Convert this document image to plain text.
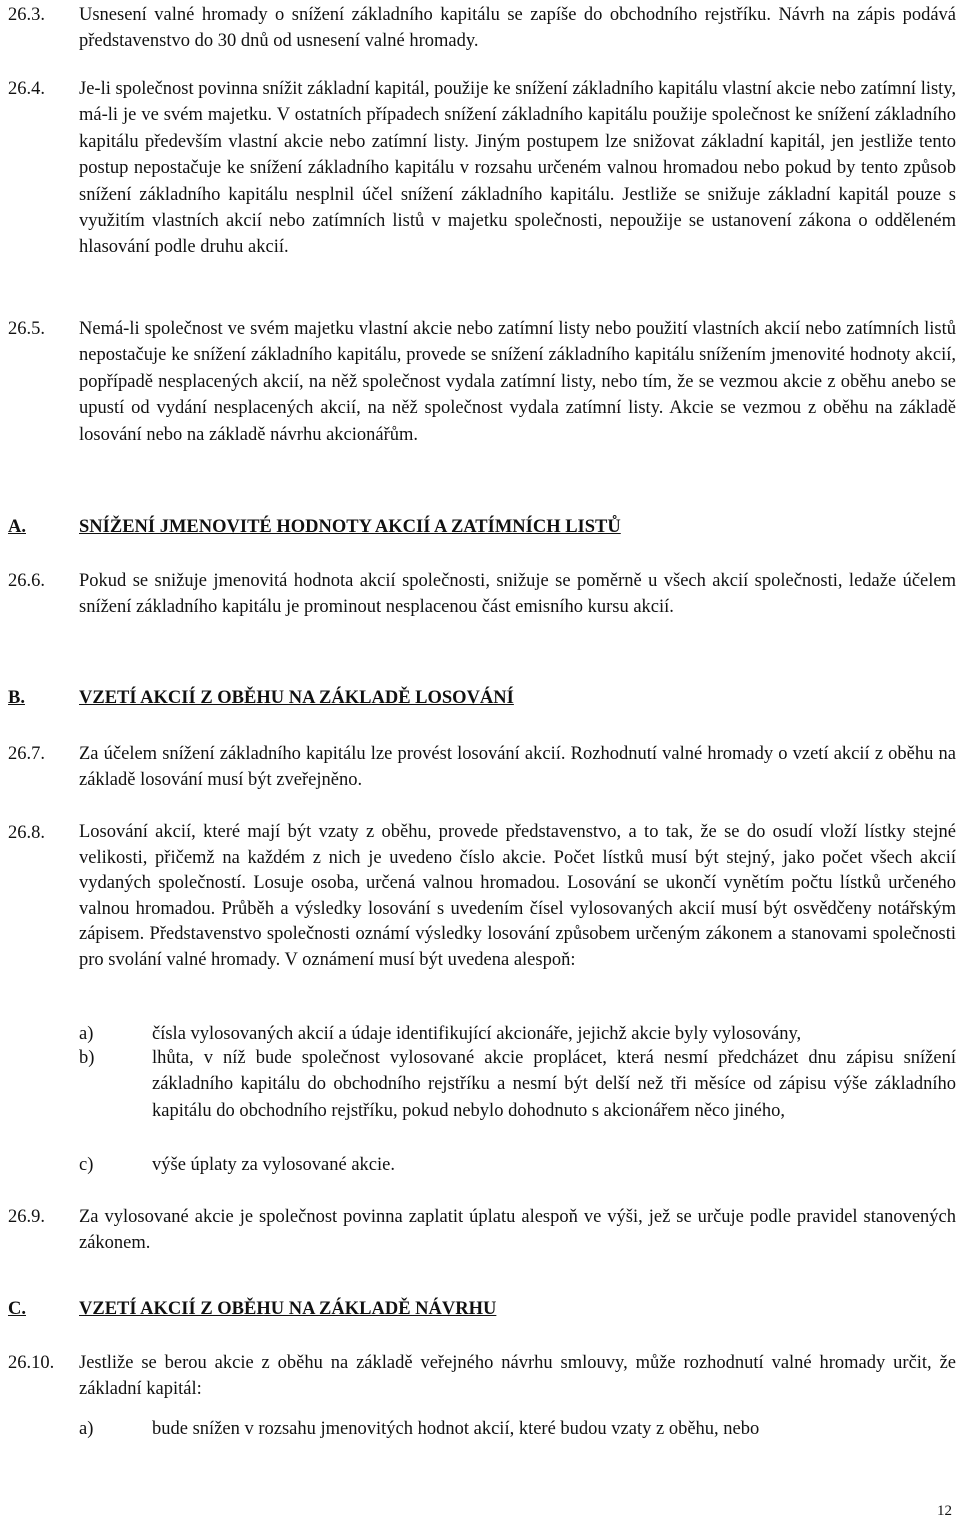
26.3. Usnesení valné hromady o snížení základního kapitálu se zapíše do obchodního rejstříku. Návrh na zápis podává představenstvo do 30 dnů od usnesení valné hromady.
26.4. Je-li společnost povinna snížit základní kapitál, použije ke snížení základního kapitálu vlastní akcie nebo zatímní listy, má-li je ve svém majetku. V ostatních případech snížení základního kapitálu použije společnost ke snížení základního kapitálu především vlastní akcie nebo zatímní listy. Jiným postupem lze snižovat základní kapitál, jen jestliže tento postup nepostačuje ke snížení základního kapitálu v rozsahu určeném valnou hromadou nebo pokud by tento způsob snížení základního kapitálu nesplnil účel snížení základního kapitálu. Jestliže se snižuje základní kapitál pouze s využitím vlastních akcií nebo zatímních listů v majetku společnosti, nepoužije se ustanovení zákona o odděleném hlasování podle druhu akcií.
26.5. Nemá-li společnost ve svém majetku vlastní akcie nebo zatímní listy nebo použití vlastních akcií nebo zatímních listů nepostačuje ke snížení základního kapitálu, provede se snížení základního kapitálu snížením jmenovité hodnoty akcií, popřípadě nesplacených akcií, na něž společnost vydala zatímní listy, nebo tím, že se vezmou akcie z oběhu anebo se upustí od vydání nesplacených akcií, na něž společnost vydala zatímní listy. Akcie se vezmou z oběhu na základě losování nebo na základě návrhu akcionářům.
A.	SNÍŽENÍ JMENOVITÉ HODNOTY AKCIÍ A ZATÍMNÍCH LISTŮ
26.6. Pokud se snižuje jmenovitá hodnota akcií společnosti, snižuje se poměrně u všech akcií společnosti, ledaže účelem snížení základního kapitálu je prominout nesplacenou část emisního kursu akcií.
B.	VZETÍ AKCIÍ Z OBĚHU NA ZÁKLADĚ LOSOVÁNÍ
26.7. Za účelem snížení základního kapitálu lze provést losování akcií. Rozhodnutí valné hromady o vzetí akcií z oběhu na základě losování musí být zveřejněno.
26.8. Losování akcií, které mají být vzaty z oběhu, provede představenstvo, a to tak, že se do osudí vloží lístky stejné velikosti, přičemž na každém z nich je uvedeno číslo akcie. Počet lístků musí být stejný, jako počet všech akcií vydaných společností. Losuje osoba, určená valnou hromadou. Losování se ukončí vynětím počtu lístků určeného valnou hromadou. Průběh a výsledky losování s uvedením čísel vylosovaných akcií musí být osvědčeny notářským zápisem. Představenstvo společnosti oznámí výsledky losování způsobem určeným zákonem a stanovami společnosti pro svolání valné hromady. V oznámení musí být uvedena alespoň:
a)	čísla vylosovaných akcií a údaje identifikující akcionáře, jejichž akcie byly vylosovány,
b)	lhůta, v níž bude společnost vylosované akcie proplácet, která nesmí předcházet dnu zápisu snížení základního kapitálu do obchodního rejstříku a nesmí být delší než tři měsíce od zápisu výše základního kapitálu do obchodního rejstříku, pokud nebylo dohodnuto s akcionářem něco jiného,
c)	výše úplaty za vylosované akcie.
26.9. Za vylosované akcie je společnost povinna zaplatit úplatu alespoň ve výši, jež se určuje podle pravidel stanovených zákonem.
C.	VZETÍ AKCIÍ Z OBĚHU NA ZÁKLADĚ NÁVRHU
26.10. Jestliže se berou akcie z oběhu na základě veřejného návrhu smlouvy, může rozhodnutí valné hromady určit, že základní kapitál:
a)	bude snížen v rozsahu jmenovitých hodnot akcií, které budou vzaty z oběhu, nebo
12
